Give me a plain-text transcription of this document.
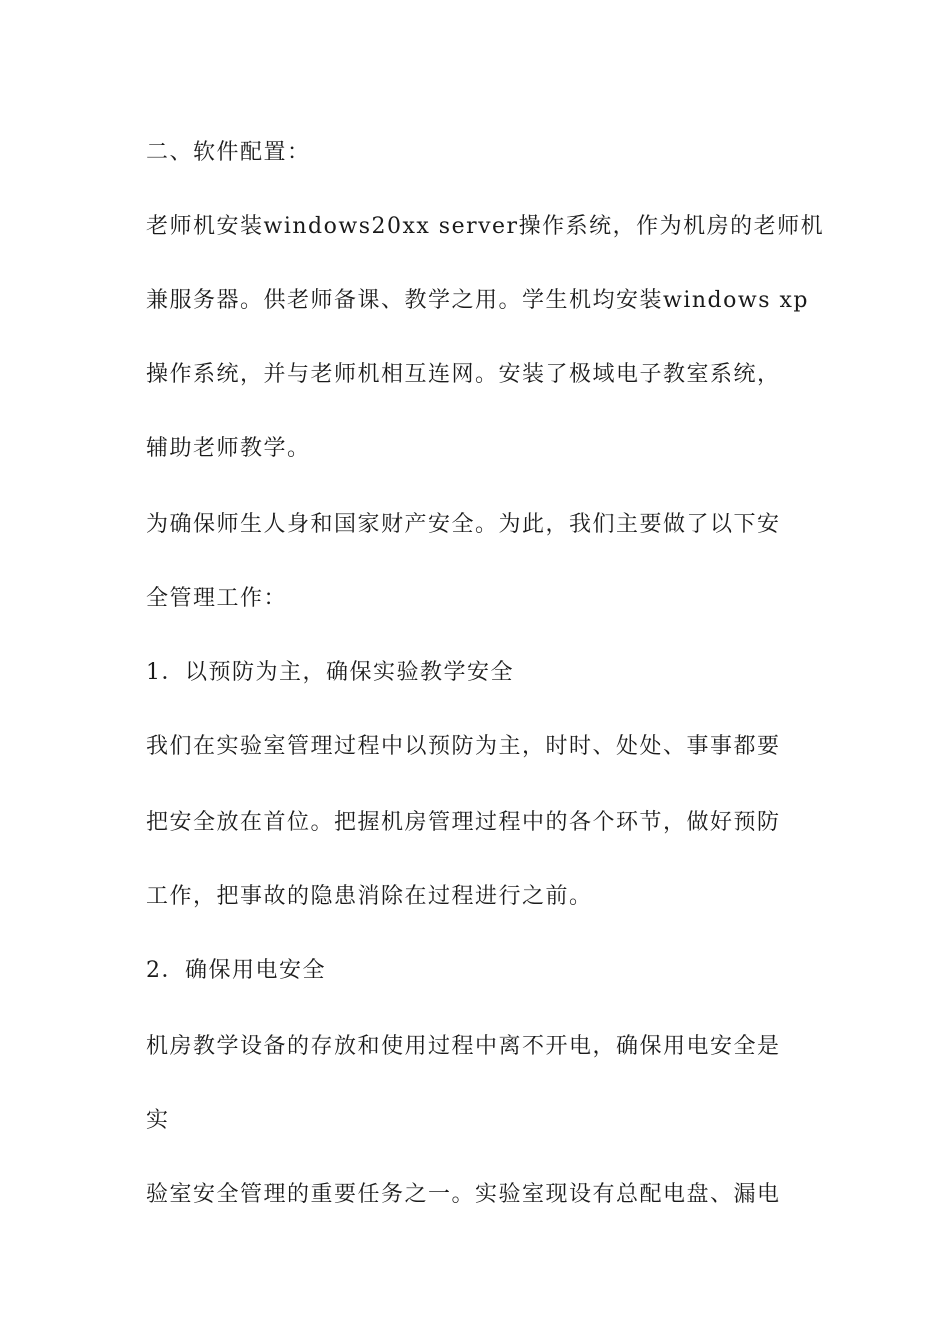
二、软件配置：
老师机安装windows20xx server操作系统，作为机房的老师机
兼服务器。供老师备课、教学之用。学生机均安装windows xp
操作系统，并与老师机相互连网。安装了极域电子教室系统，
辅助老师教学。
为确保师生人身和国家财产安全。为此，我们主要做了以下安
全管理工作：
1．以预防为主，确保实验教学安全
我们在实验室管理过程中以预防为主，时时、处处、事事都要
把安全放在首位。把握机房管理过程中的各个环节，做好预防
工作，把事故的隐患消除在过程进行之前。
2．确保用电安全
机房教学设备的存放和使用过程中离不开电，确保用电安全是
实
验室安全管理的重要任务之一。实验室现设有总配电盘、漏电
